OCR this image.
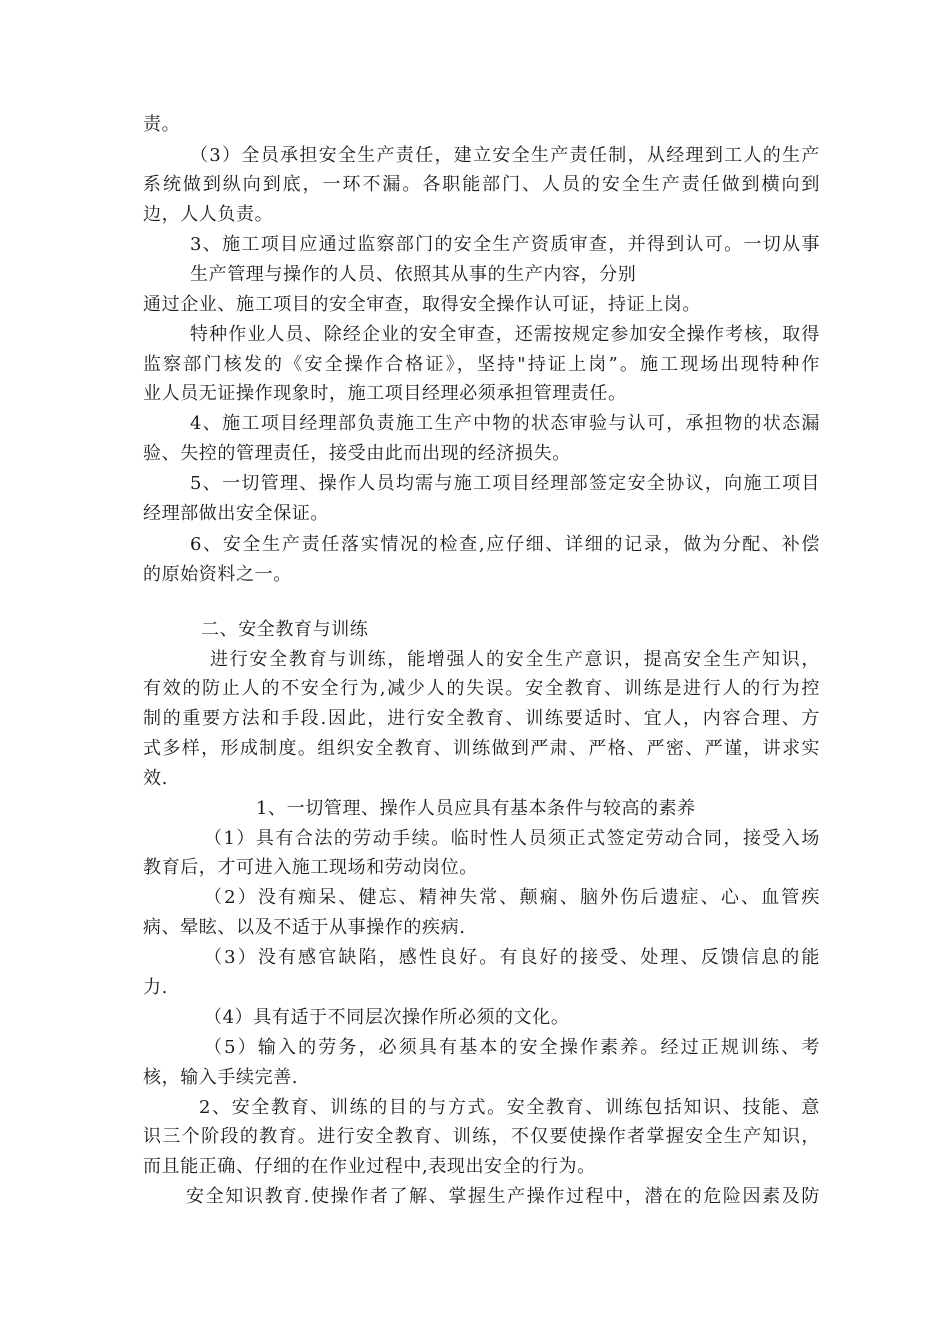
责。
（3）全员承担安全生产责任，建立安全生产责任制，从经理到工人的生产
系统做到纵向到底，一环不漏。各职能部门、人员的安全生产责任做到横向到
边，人人负责。
3、施工项目应通过监察部门的安全生产资质审查，并得到认可。一切从事
生产管理与操作的人员、依照其从事的生产内容，分别
通过企业、施工项目的安全审查，取得安全操作认可证，持证上岗。
特种作业人员、除经企业的安全审查，还需按规定参加安全操作考核，取得
监察部门核发的《安全操作合格证》，坚持"持证上岗”。施工现场出现特种作
业人员无证操作现象时，施工项目经理必须承担管理责任。
4、施工项目经理部负责施工生产中物的状态审验与认可，承担物的状态漏
验、失控的管理责任，接受由此而出现的经济损失。
5、一切管理、操作人员均需与施工项目经理部签定安全协议，向施工项目
经理部做出安全保证。
6、安全生产责任落实情况的检查,应仔细、详细的记录，做为分配、补偿
的原始资料之一。
二、安全教育与训练
进行安全教育与训练，能增强人的安全生产意识，提高安全生产知识，
有效的防止人的不安全行为,减少人的失误。安全教育、训练是进行人的行为控
制的重要方法和手段.因此，进行安全教育、训练要适时、宜人，内容合理、方
式多样，形成制度。组织安全教育、训练做到严肃、严格、严密、严谨，讲求实
效.
1、一切管理、操作人员应具有基本条件与较高的素养
（1）具有合法的劳动手续。临时性人员须正式签定劳动合同，接受入场
教育后，才可进入施工现场和劳动岗位。
（2）没有痴呆、健忘、精神失常、颠痫、脑外伤后遗症、心、血管疾
病、晕眩、以及不适于从事操作的疾病.
（3）没有感官缺陷，感性良好。有良好的接受、处理、反馈信息的能
力.
（4）具有适于不同层次操作所必须的文化。
（5）输入的劳务，必须具有基本的安全操作素养。经过正规训练、考
核，输入手续完善.
2、安全教育、训练的目的与方式。安全教育、训练包括知识、技能、意
识三个阶段的教育。进行安全教育、训练，不仅要使操作者掌握安全生产知识，
而且能正确、仔细的在作业过程中,表现出安全的行为。
安全知识教育.使操作者了解、掌握生产操作过程中，潜在的危险因素及防
